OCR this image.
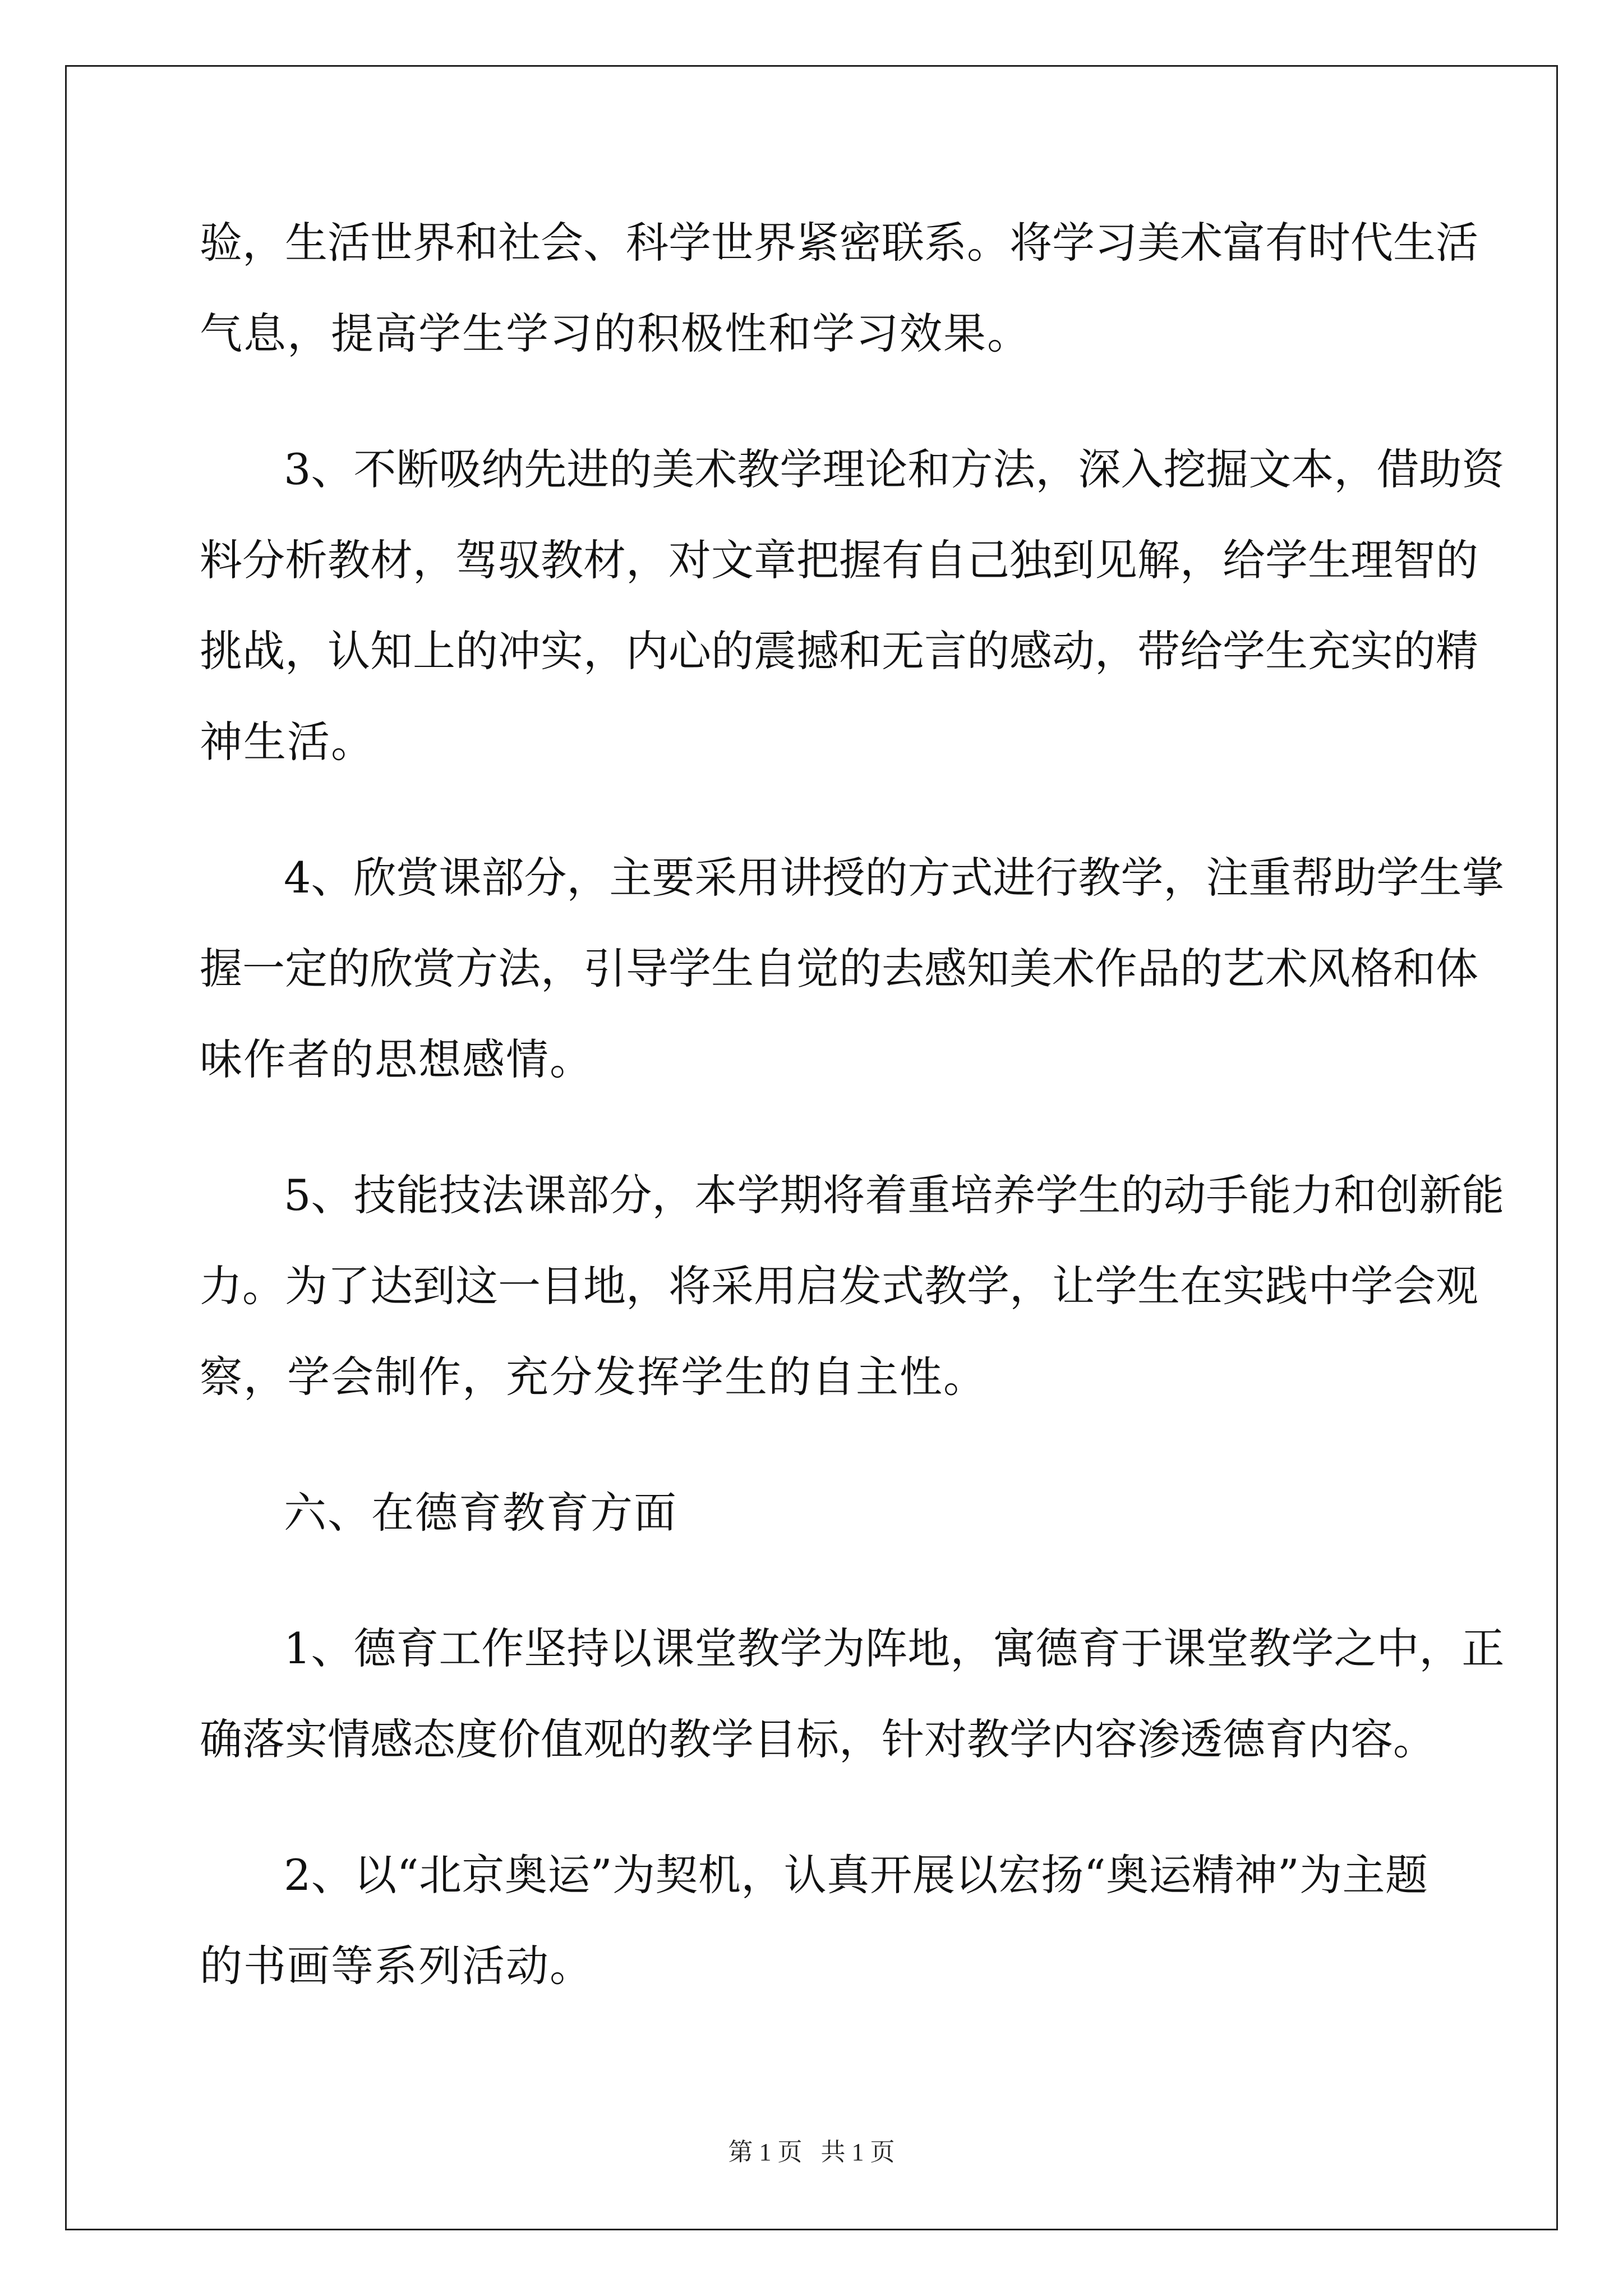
验，生活世界和社会、科学世界紧密联系。将学习美术富有时代生活
气息，提高学生学习的积极性和学习效果。
3、不断吸纳先进的美术教学理论和方法，深入挖掘文本，借助资
料分析教材，驾驭教材，对文章把握有自己独到见解，给学生理智的
挑战，认知上的冲实，内心的震撼和无言的感动，带给学生充实的精
神生活。
4、欣赏课部分，主要采用讲授的方式进行教学，注重帮助学生掌
握一定的欣赏方法，引导学生自觉的去感知美术作品的艺术风格和体
味作者的思想感情。
5、技能技法课部分，本学期将着重培养学生的动手能力和创新能
力。为了达到这一目地，将采用启发式教学，让学生在实践中学会观
察，学会制作，充分发挥学生的自主性。
六、在德育教育方面
1、德育工作坚持以课堂教学为阵地，寓德育于课堂教学之中，正
确落实情感态度价值观的教学目标，针对教学内容渗透德育内容。
2、以“北京奥运”为契机，认真开展以宏扬“奥运精神”为主题
的书画等系列活动。
第 1 页   共 1 页
